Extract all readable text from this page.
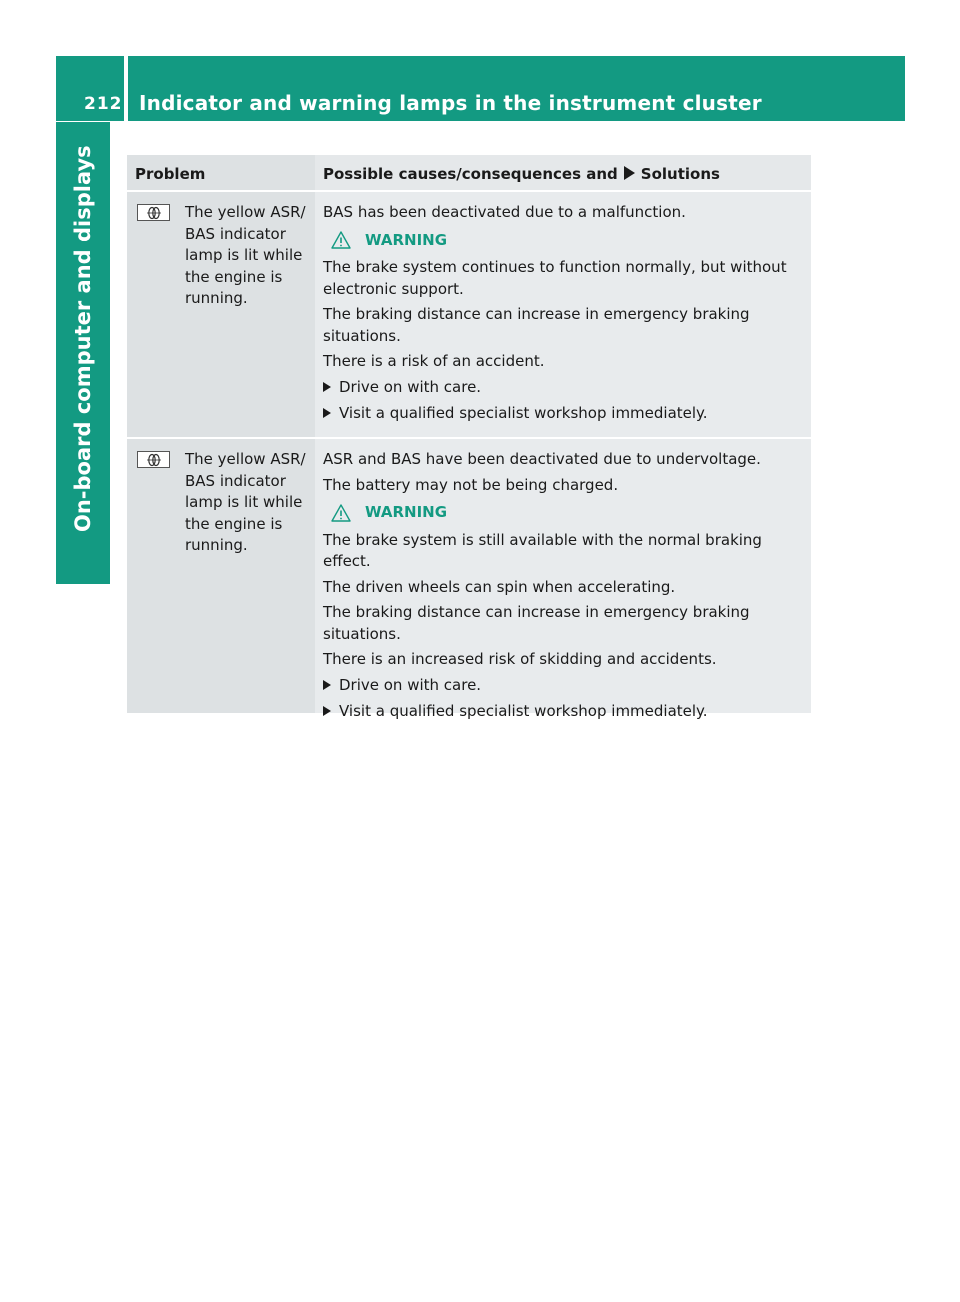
212 Indicator and warning lamps in the instrument cluster
On-board computer and displays	Problem	Possible causes/consequences and Solutions
The yellow ASR/ BAS indicator lamp is lit while the engine is running.

BAS has been deactivated due to a malfunction.

WARNING

The brake system continues to function normally, but without electronic support.

The braking distance can increase in emergency braking situations.

There is a risk of an accident.

Drive on with care.
Visit a qualified specialist workshop immediately.
The yellow ASR/ BAS indicator lamp is lit while the engine is running.

ASR and BAS have been deactivated due to undervoltage.

The battery may not be being charged.

WARNING

The brake system is still available with the normal braking effect.

The driven wheels can spin when accelerating.

The braking distance can increase in emergency braking situations.

There is an increased risk of skidding and accidents.

Drive on with care.
Visit a qualified specialist workshop immediately.
